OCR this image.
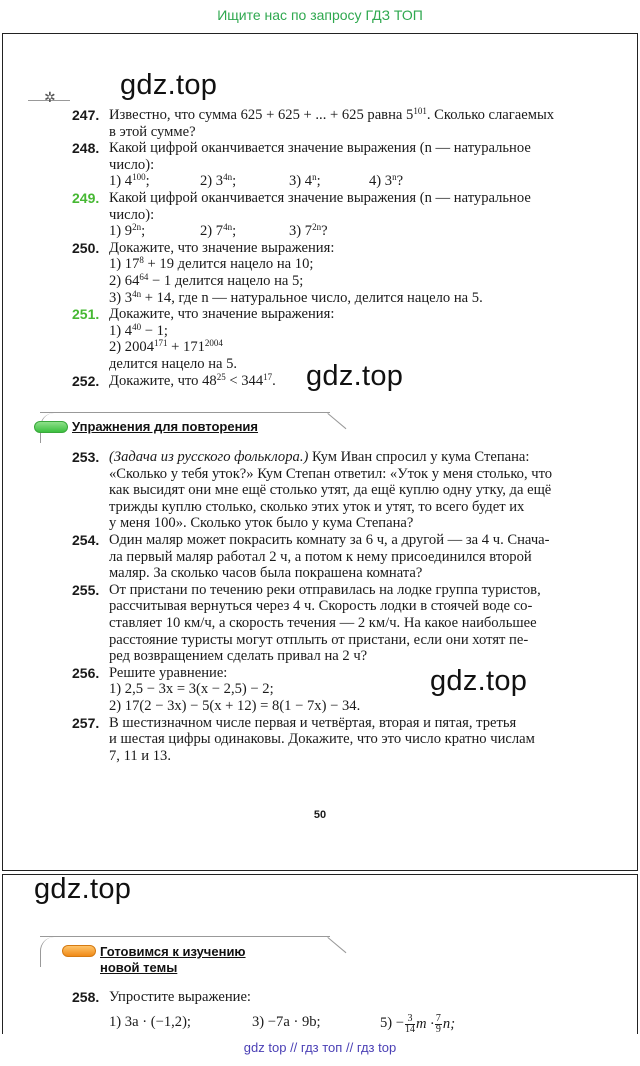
Ищите нас по запросу ГДЗ ТОП
gdz.top
gdz.top
gdz.top
gdz.top
✲
247. Известно, что сумма 625 + 625 + ... + 625 равна $5^{101}$. Сколько слагаемых
в этой сумме?
248. Какой цифрой оканчивается значение выражения (n — натуральное
число):
1) $4^{100}$;	2) $3^{4n}$;	3) 4$^n$;	4) 3$^n$?
249. Какой цифрой оканчивается значение выражения (n — натуральное
число):
1) $9^{2n}$;	2) $7^{4n}$;	3) $7^{2n}$?
250. Докажите, что значение выражения:
1) $17^8 + 19$ делится нацело на 10;
2) $64^{64} - 1$ делится нацело на 5;
3) $3^{4n} + 14$, где n — натуральное число, делится нацело на 5.
251. Докажите, что значение выражения:
1) $4^{40} - 1$;
2) $2004^{171} + 171^{2004}$
делится нацело на 5.
252. Докажите, что $48^{25} < 344^{17}$.
Упражнения для повторения
253. (Задача из русского фольклора.) Кум Иван спросил у кума Степана:
«Сколько у тебя уток?» Кум Степан ответил: «Уток у меня столько, что
как высидят они мне ещё столько утят, да ещё куплю одну утку, да ещё
трижды куплю столько, сколько этих уток и утят, то всего будет их
у меня 100». Сколько уток было у кума Степана?
254. Один маляр может покрасить комнату за 6 ч, а другой — за 4 ч. Снача-
ла первый маляр работал 2 ч, а потом к нему присоединился второй
маляр. За сколько часов была покрашена комната?
255. От пристани по течению реки отправилась на лодке группа туристов,
рассчитывая вернуться через 4 ч. Скорость лодки в стоячей воде со-
ставляет 10 км/ч, а скорость течения — 2 км/ч. На какое наибольшее
расстояние туристы могут отплыть от пристани, если они хотят пе-
ред возвращением сделать привал на 2 ч?
256. Решите уравнение:
1) 2,5 − 3x = 3(x − 2,5) − 2;
2) 17(2 − 3x) − 5(x + 12) = 8(1 − 7x) − 34.
257. В шестизначном числе первая и четвёртая, вторая и пятая, третья
и шестая цифры одинаковы. Докажите, что это число кратно числам
7, 11 и 13.
50
Готовимся к изучению
новой темы
258. Упростите выражение:
1) 3a · (−1,2);	3) −7a · 9b;	$5) - \frac{3}{14}$ $m \cdot \frac{7}{9} n$;
gdz top // гдз топ // гдз top
